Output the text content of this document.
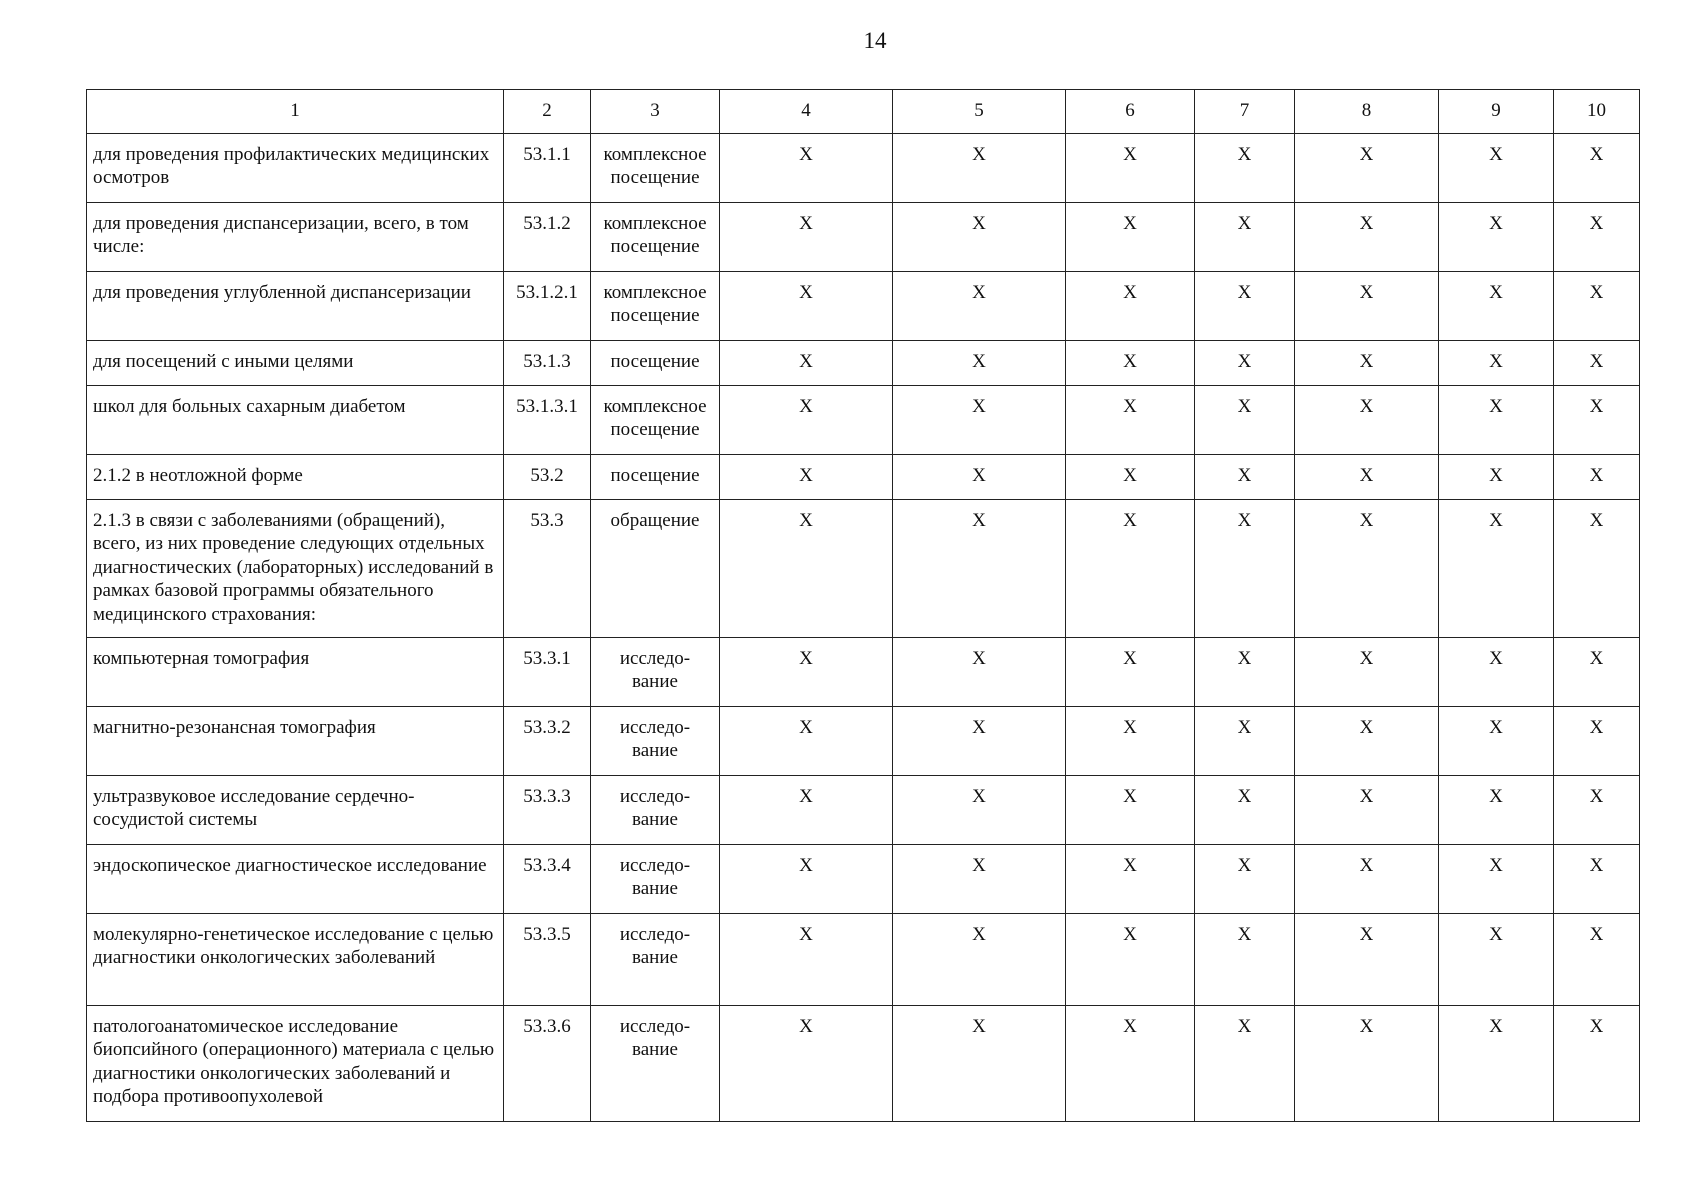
14
1	2	3	4	5	6	7	8	9	10
для проведения профилактических медицинских осмотров	53.1.1	комплексное посещение	X	X	X	X	X	X	X
для проведения диспансеризации, всего, в том числе:	53.1.2	комплексное посещение	X	X	X	X	X	X	X
для проведения углубленной диспансеризации	53.1.2.1	комплексное посещение	X	X	X	X	X	X	X
для посещений с иными целями	53.1.3	посещение	X	X	X	X	X	X	X
школ для больных сахарным диабетом	53.1.3.1	комплексное посещение	X	X	X	X	X	X	X
2.1.2 в неотложной форме	53.2	посещение	X	X	X	X	X	X	X
2.1.3 в связи с заболеваниями (обращений), всего, из них проведение следующих отдельных диагностических (лабораторных) исследований в рамках базовой программы обязательного медицинского страхования:	53.3	обращение	X	X	X	X	X	X	X
компьютерная томография	53.3.1	исследо-вание	X	X	X	X	X	X	X
магнитно-резонансная томография	53.3.2	исследо-вание	X	X	X	X	X	X	X
ультразвуковое исследование сердечно-сосудистой системы	53.3.3	исследо-вание	X	X	X	X	X	X	X
эндоскопическое диагностическое исследование	53.3.4	исследо-вание	X	X	X	X	X	X	X
молекулярно-генетическое исследование с целью диагностики онкологических заболеваний	53.3.5	исследо-вание	X	X	X	X	X	X	X
патологоанатомическое исследование биопсийного (операционного) материала с целью диагностики онкологических заболеваний и подбора противоопухолевой	53.3.6	исследо-вание	X	X	X	X	X	X	X
